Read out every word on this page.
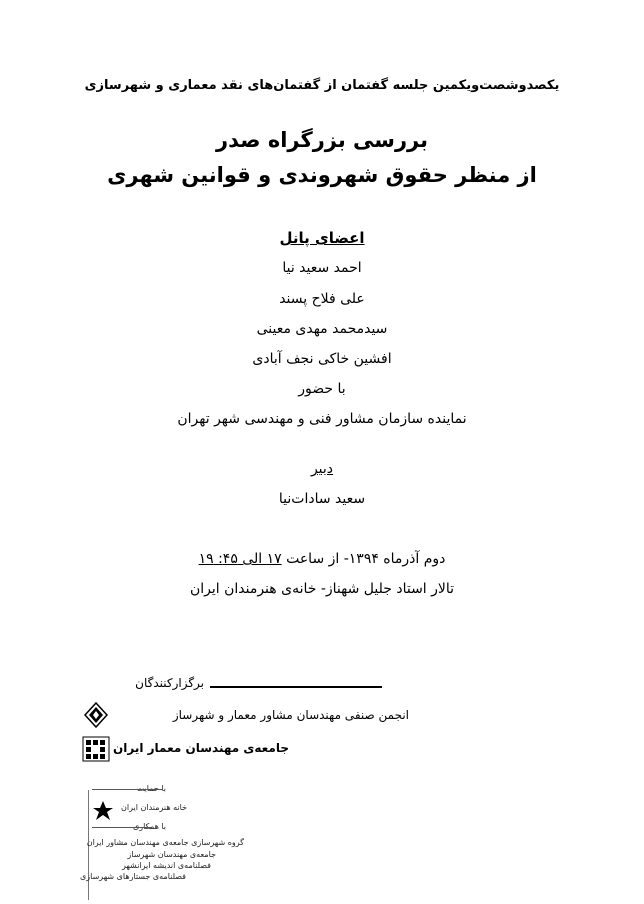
یکصدوشصت‌ویکمین جلسه گفتمان از گفتمان‌های نقد معماری و شهرسازی
بررسی بزرگراه صدر
از منظر حقوق شهروندی و قوانین شهری
اعضای پانل
احمد سعید نیا
علی فلاح پسند
سیدمحمد مهدی معینی
افشین خاکی نجف آبادی
با حضور
نماینده سازمان مشاور فنی و مهندسی شهر تهران
دبیر
سعید سادات‌نیا
دوم آذرماه ۱۳۹۴- از ساعت ۱۷ الی ۴۵: ۱۹
تالار استاد جلیل شهناز- خانه‌ی هنرمندان ایران
برگزارکنندگان
انجمن صنفی مهندسان مشاور معمار و شهرساز
جامعه‌ی مهندسان معمار ایران
با حمایت
خانه هنرمندان ایران
با همکاری
گروه شهرسازی جامعه‌ی مهندسان مشاور ایران
جامعه‌ی مهندسان شهرساز
فصلنامه‌ی اندیشه ایرانشهر
فصلنامه‌ی جستارهای شهرسازی
